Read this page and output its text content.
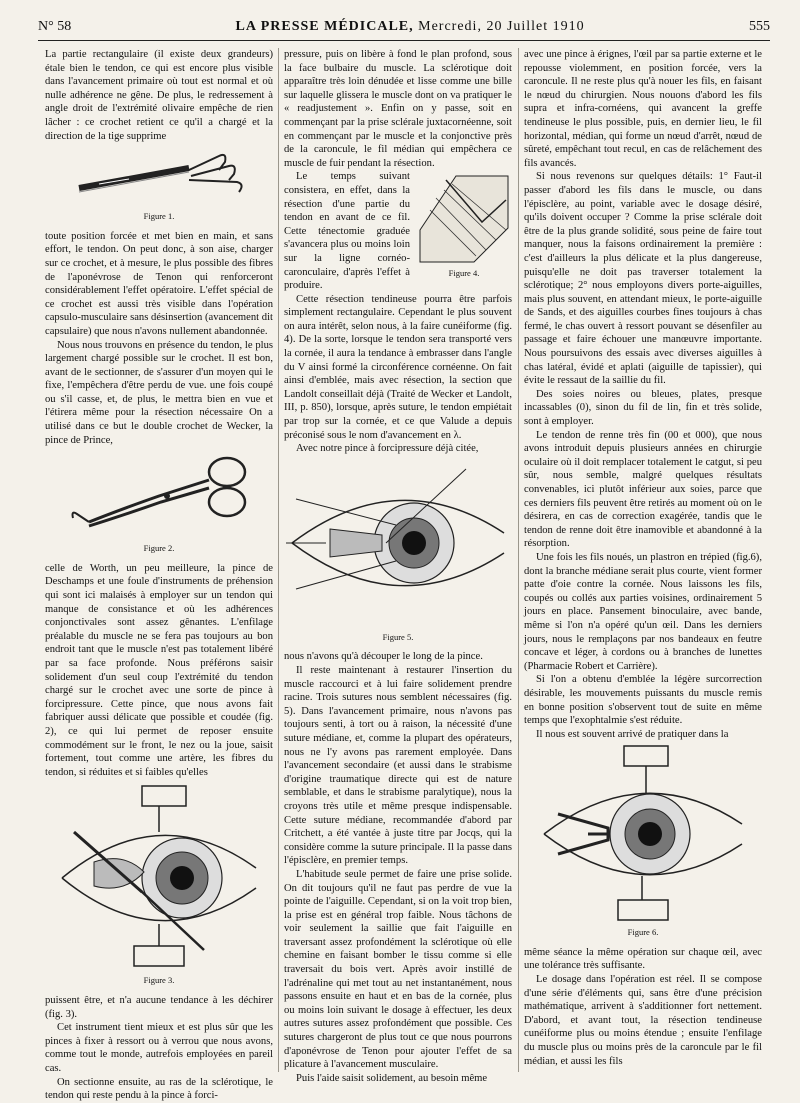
N° 58	LA PRESSE MÉDICALE, Mercredi, 20 Juillet 1910	555

La partie rectangulaire (il existe deux grandeurs) étale bien le tendon, ce qui est encore plus visible dans l'avancement primaire où tout est normal et où nulle adhérence ne gêne. De plus, le redressement à angle droit de l'extrémité olivaire empêche de rien lâcher : ce crochet retient ce qu'il a chargé et la direction de la tige supprime

Figure 1.

toute position forcée et met bien en main, et sans effort, le tendon. On peut donc, à son aise, charger sur ce crochet, et à mesure, le plus possible des fibres de l'aponévrose de Tenon qui renforceront considérablement l'effet opératoire. L'effet spécial de ce crochet est aussi très visible dans l'opération capsulo-musculaire sans désinsertion (avancement dit capsulaire) que nous n'avons nullement abandonnée.

Nous nous trouvons en présence du tendon, le plus largement chargé possible sur le crochet. Il est bon, avant de le sectionner, de s'assurer d'un moyen qui le fixe, l'empêchera d'être perdu de vue. une fois coupé ou s'il casse, et, de plus, le mettra bien en vue et l'étirera même pour la résection nécessaire On a utilisé dans ce but le double crochet de Wecker, la pince de Prince,

Figure 2.

celle de Worth, un peu meilleure, la pince de Deschamps et une foule d'instruments de préhension qui sont ici malaisés à employer sur un tendon qui manque de consistance et où les adhérences conjonctivales sont assez gênantes. L'enfilage préalable du muscle ne se fera pas toujours au bon endroit tant que le muscle n'est pas totalement libéré par sa face profonde. Nous préférons saisir solidement d'un seul coup l'extrémité du tendon chargé sur le crochet avec une sorte de pince à forcipressure. Cette pince, que nous avons fait fabriquer aussi délicate que possible et coudée (fig. 2), ce qui lui permet de reposer ensuite commodément sur le front, le nez ou la joue, saisit fortement, tout comme une artère, les fibres du tendon, si réduites et si faibles qu'elles

Figure 3.

puissent être, et n'a aucune tendance à les déchirer (fig. 3).

Cet instrument tient mieux et est plus sûr que les pinces à fixer à ressort ou à verrou que nous avons, comme tout le monde, autrefois employées en pareil cas.

On sectionne ensuite, au ras de la sclérotique, le tendon qui reste pendu à la pince à forci-

pressure, puis on libère à fond le plan profond, sous la face bulbaire du muscle. La sclérotique doit apparaître très loin dénudée et lisse comme une bille sur laquelle glissera le muscle dont on va pratiquer le « readjustement ». Enfin on y passe, soit en commençant par la prise sclérale juxtacornéenne, soit en commençant par le muscle et la conjonctive près de la caroncule, le fil médian qui empêchera ce muscle de fuir pendant la résection.

Figure 4.

Le temps suivant consistera, en effet, dans la résection d'une partie du tendon en avant de ce fil. Cette ténectomie graduée s'avancera plus ou moins loin sur la ligne cornéo-caronculaire, d'après l'effet à produire.

Cette résection tendineuse pourra être parfois simplement rectangulaire. Cependant le plus souvent on aura intérêt, selon nous, à la faire cunéiforme (fig. 4). De la sorte, lorsque le tendon sera transporté vers la cornée, il aura la tendance à embrasser dans l'angle du V ainsi formé la circonférence cornéenne. On fait ainsi d'emblée, mais avec résection, la section que Landolt conseillait déjà (Traité de Wecker et Landolt, III, p. 850), lorsque, après suture, le tendon empiétait par trop sur la cornée, et ce que Valude a depuis préconisé sous le nom d'avancement en λ.

Avec notre pince à forcipressure déjà citée,

Figure 5.

nous n'avons qu'à découper le long de la pince.

Il reste maintenant à restaurer l'insertion du muscle raccourci et à lui faire solidement prendre racine. Trois sutures nous semblent nécessaires (fig. 5). Dans l'avancement primaire, nous n'avons pas toujours senti, à tort ou à raison, la nécessité d'une suture médiane, et, comme la plupart des opérateurs, nous ne l'y avons pas rarement employée. Dans l'avancement secondaire (et aussi dans le strabisme d'origine traumatique directe qui est de nature semblable, et dans le strabisme paralytique), nous la croyons très utile et même presque indispensable. Cette suture médiane, recommandée d'abord par Critchett, a été vantée à juste titre par Jocqs, qui la considère comme la suture principale. Il la passe dans l'épisclère, en premier temps.

L'habitude seule permet de faire une prise solide. On dit toujours qu'il ne faut pas perdre de vue la pointe de l'aiguille. Cependant, si on la voit trop bien, la prise est en général trop faible. Nous tâchons de voir seulement la saillie que fait l'aiguille en traversant assez profondément la sclérotique où elle chemine en faisant bomber le tissu comme si elle traversait du bois vert. Après avoir instillé de l'adrénaline qui met tout au net instantanément, nous passons ensuite en haut et en bas de la cornée, plus ou moins loin suivant le dosage à effectuer, les deux autres sutures assez profondément que possible. Ces sutures chargeront de plus tout ce que nous pourrons d'aponévrose de Tenon pour ajouter l'effet de sa plicature à l'avancement musculaire.

Puis l'aide saisit solidement, au besoin même

avec une pince à érignes, l'œil par sa partie externe et le repousse violemment, en position forcée, vers la caroncule. Il ne reste plus qu'à nouer les fils, en faisant le nœud du chirurgien. Nous nouons d'abord les fils supra et infra-cornéens, qui avancent la greffe tendineuse le plus possible, puis, en dernier lieu, le fil horizontal, médian, qui forme un nœud d'arrêt, nœud de sûreté, empêchant tout recul, en cas de relâchement des fils avancés.

Si nous revenons sur quelques détails: 1° Faut-il passer d'abord les fils dans le muscle, ou dans l'épisclère, au point, variable avec le dosage désiré, qu'ils doivent occuper ? Comme la prise sclérale doit être de la plus grande solidité, sous peine de faire tout manquer, nous la faisons ordinairement la première : c'est d'ailleurs la plus délicate et la plus dangereuse, puisqu'elle ne doit pas traverser totalement la sclérotique; 2° nous employons divers porte-aiguilles, mais plus souvent, en attendant mieux, le porte-aiguille de Sands, et des aiguilles courbes fines toujours à chas fermé, le chas ouvert à ressort pouvant se désenfiler au passage et faire échouer une manœuvre importante. Nous poursuivons des essais avec diverses aiguilles à chas latéral, évidé et aplati (aiguille de tapissier), qui évite le ressaut de la saillie du fil.

Des soies noires ou bleues, plates, presque incassables (0), sinon du fil de lin, fin et très solide, sont à employer.

Le tendon de renne très fin (00 et 000), que nous avons introduit depuis plusieurs années en chirurgie oculaire où il doit remplacer totalement le catgut, si peu sûr, nous semble, malgré quelques résultats convenables, ici plutôt inférieur aux soies, parce que ces derniers fils peuvent être retirés au moment où on le désirera, en cas de correction exagérée, tandis que le tendon de renne doit être inamovible et abandonné à la résorption.

Une fois les fils noués, un plastron en trépied (fig.6), dont la branche médiane serait plus courte, vient former patte d'oie contre la cornée. Nous laissons les fils, coupés ou collés aux parties voisines, ordinairement 5 jours en place. Pansement binoculaire, avec bande, même si l'on n'a opéré qu'un œil. Dans les derniers jours, nous le remplaçons par nos bandeaux en feutre concave et léger, à cordons ou à branches de lunettes (Pharmacie Robert et Carrière).

Si l'on a obtenu d'emblée la légère surcorrection désirable, les mouvements puissants du muscle remis en bonne position s'observent tout de suite en même temps que l'exophtalmie s'est réduite.

Il nous est souvent arrivé de pratiquer dans la

Figure 6.

même séance la même opération sur chaque œil, avec une tolérance très suffisante.

Le dosage dans l'opération est réel. Il se compose d'une série d'éléments qui, sans être d'une précision mathématique, arrivent à s'additionner fort nettement. D'abord, et avant tout, la résection tendineuse cunéiforme plus ou moins étendue ; ensuite l'enfilage du muscle plus ou moins près de la caroncule par le fil médian, et aussi les fils
